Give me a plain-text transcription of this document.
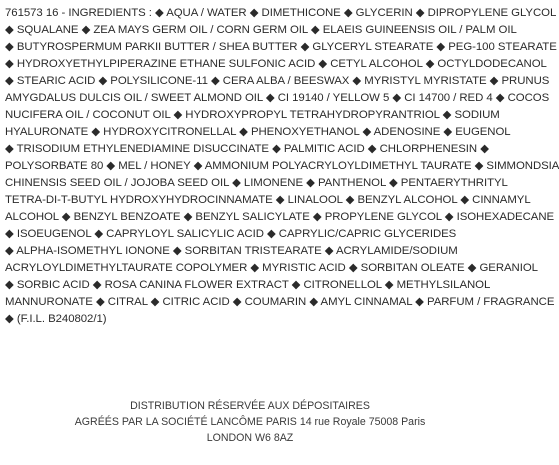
761573 16 - INGREDIENTS : ◆ AQUA / WATER ◆ DIMETHICONE ◆ GLYCERIN ◆ DIPROPYLENE GLYCOL
◆ SQUALANE ◆ ZEA MAYS GERM OIL / CORN GERM OIL ◆ ELAEIS GUINEENSIS OIL / PALM OIL
◆ BUTYROSPERMUM PARKII BUTTER / SHEA BUTTER ◆ GLYCERYL STEARATE ◆ PEG-100 STEARATE
◆ HYDROXYETHYLPIPERAZINE ETHANE SULFONIC ACID ◆ CETYL ALCOHOL ◆ OCTYLDODECANOL
◆ STEARIC ACID ◆ POLYSILICONE-11 ◆ CERA ALBA / BEESWAX ◆ MYRISTYL MYRISTATE ◆ PRUNUS
AMYGDALUS DULCIS OIL / SWEET ALMOND OIL ◆ CI 19140 / YELLOW 5 ◆ CI 14700 / RED 4 ◆ COCOS
NUCIFERA OIL / COCONUT OIL ◆ HYDROXYPROPYL TETRAHYDROPYRANTRIOL ◆ SODIUM
HYALURONATE ◆ HYDROXYCITRONELLAL ◆ PHENOXYETHANOL ◆ ADENOSINE ◆ EUGENOL
◆ TRISODIUM ETHYLENEDIAMINE DISUCCINATE ◆ PALMITIC ACID ◆ CHLORPHENESIN ◆
POLYSORBATE 80 ◆ MEL / HONEY ◆ AMMONIUM POLYACRYLOYLDIMETHYL TAURATE ◆ SIMMONDSIA
CHINENSIS SEED OIL / JOJOBA SEED OIL ◆ LIMONENE ◆ PANTHENOL ◆ PENTAERYTHRITYL
TETRA-DI-T-BUTYL HYDROXYHYDROCINNAMATE ◆ LINALOOL ◆ BENZYL ALCOHOL ◆ CINNAMYL
ALCOHOL ◆ BENZYL BENZOATE ◆ BENZYL SALICYLATE ◆ PROPYLENE GLYCOL ◆ ISOHEXADECANE
◆ ISOEUGENOL ◆ CAPRYLOYL SALICYLIC ACID ◆ CAPRYLIC/CAPRIC GLYCERIDES
◆ ALPHA-ISOMETHYL IONONE ◆ SORBITAN TRISTEARATE ◆ ACRYLAMIDE/SODIUM
ACRYLOYLDIMETHYLTAURATE COPOLYMER ◆ MYRISTIC ACID ◆ SORBITAN OLEATE ◆ GERANIOL
◆ SORBIC ACID ◆ ROSA CANINA FLOWER EXTRACT ◆ CITRONELLOL ◆ METHYLSILANOL
MANNURONATE ◆ CITRAL ◆ CITRIC ACID ◆ COUMARIN ◆ AMYL CINNAMAL ◆ PARFUM / FRAGRANCE
◆ (F.I.L. B240802/1)
DISTRIBUTION RÉSERVÉE AUX DÉPOSITAIRES
AGRÉÉS PAR LA SOCIÉTÉ LANCÔME PARIS 14 rue Royale 75008 Paris
LONDON W6 8AZ
